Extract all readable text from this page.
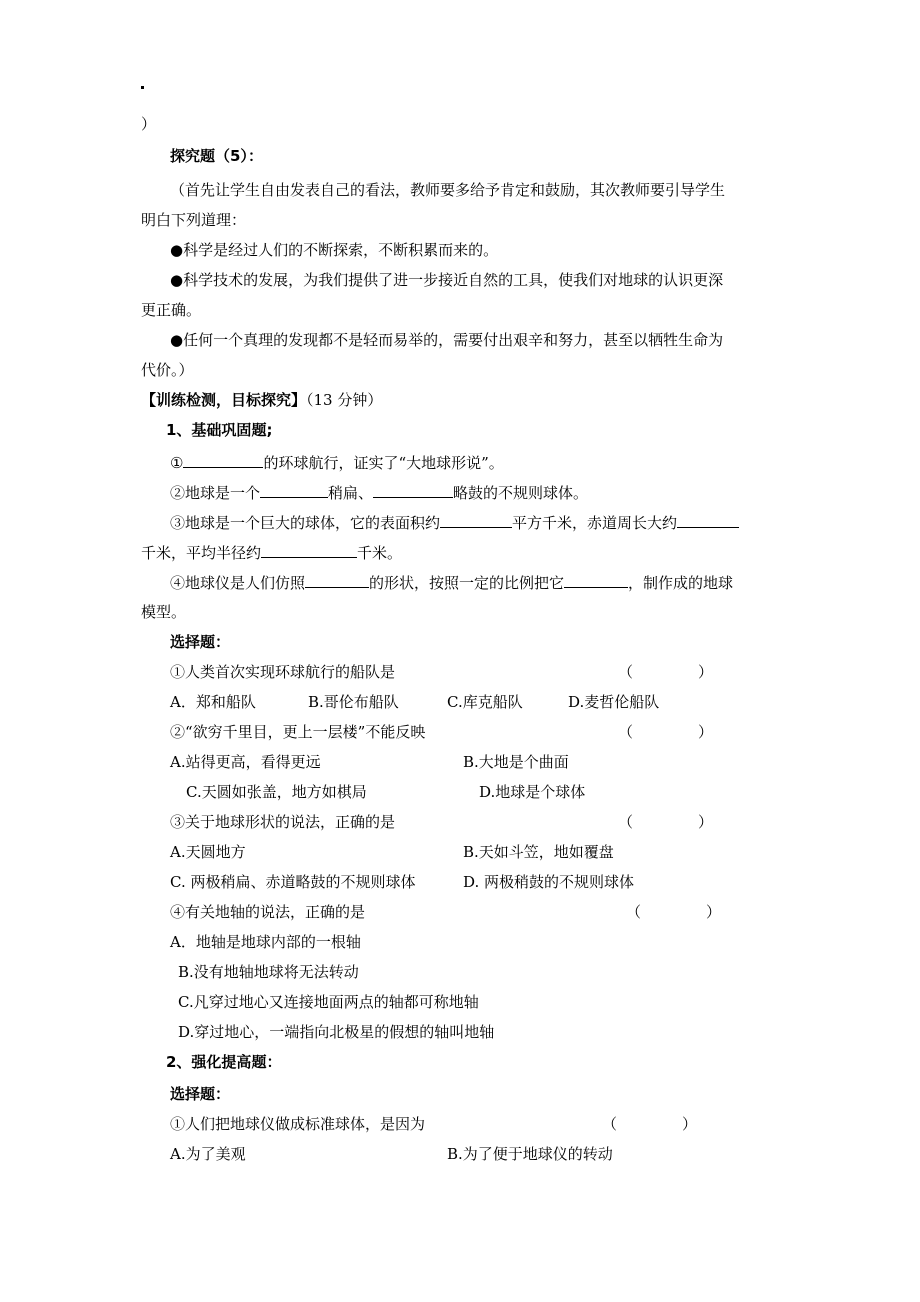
）
探究题（5）：
（首先让学生自由发表自己的看法，教师要多给予肯定和鼓励，其次教师要引导学生
明白下列道理：
●科学是经过人们的不断探索，不断积累而来的。
●科学技术的发展，为我们提供了进一步接近自然的工具，使我们对地球的认识更深
更正确。
●任何一个真理的发现都不是轻而易举的，需要付出艰辛和努力，甚至以牺牲生命为
代价。）
【训练检测，目标探究】（13 分钟）
1、基础巩固题;
①	的环球航行，证实了“大地球形说”。
②地球是一个	稍扁、	略鼓的不规则球体。
③地球是一个巨大的球体，它的表面积约	平方千米，赤道周长大约
千米，平均半径约	千米。
④地球仪是人们仿照	的形状，按照一定的比例把它	，制作成的地球
模型。
选择题：
①人类首次实现环球航行的船队是	（	）
A．郑和船队	B.哥伦布船队	C.库克船队	D.麦哲伦船队
②“欲穷千里目，更上一层楼”不能反映	（	）
A.站得更高，看得更远	B.大地是个曲面
C.天圆如张盖，地方如棋局	D.地球是个球体
③关于地球形状的说法，正确的是	（	）
A.天圆地方	B.天如斗笠，地如覆盘
C. 两极稍扁、赤道略鼓的不规则球体	D. 两极稍鼓的不规则球体
④有关地轴的说法，正确的是	（	）
A．地轴是地球内部的一根轴
B.没有地轴地球将无法转动
C.凡穿过地心又连接地面两点的轴都可称地轴
D.穿过地心，一端指向北极星的假想的轴叫地轴
2、强化提高题：
选择题：
①人们把地球仪做成标准球体，是因为	（	）
A.为了美观	B.为了便于地球仪的转动
